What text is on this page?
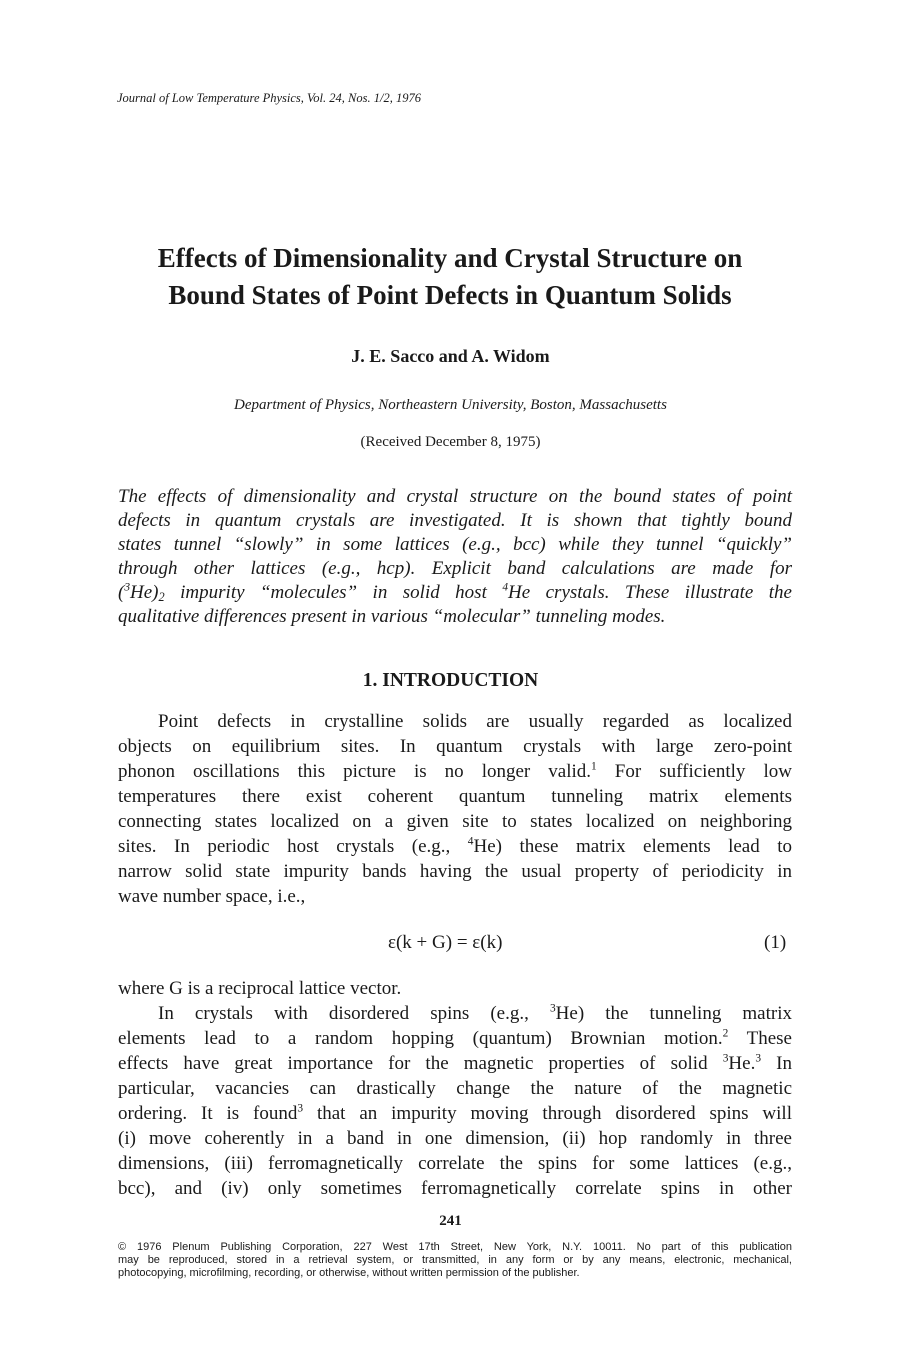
Journal of Low Temperature Physics, Vol. 24, Nos. 1/2, 1976
Effects of Dimensionality and Crystal Structure on
Bound States of Point Defects in Quantum Solids
J. E. Sacco and A. Widom
Department of Physics, Northeastern University, Boston, Massachusetts
(Received December 8, 1975)
The effects of dimensionality and crystal structure on the bound states of point
defects in quantum crystals are investigated. It is shown that tightly bound
states tunnel “slowly” in some lattices (e.g., bcc) while they tunnel “quickly”
through other lattices (e.g., hcp). Explicit band calculations are made for
$(^3He)_2$ impurity “molecules” in solid host $^4$He crystals. These illustrate the
qualitative differences present in various “molecular” tunneling modes.
1. INTRODUCTION
Point defects in crystalline solids are usually regarded as localized
objects on equilibrium sites. In quantum crystals with large zero-point
phonon oscillations this picture is no longer valid.$^1$ For sufficiently low
temperatures there exist coherent quantum tunneling matrix elements
connecting states localized on a given site to states localized on neighboring
sites. In periodic host crystals (e.g., $^4$He) these matrix elements lead to
narrow solid state impurity bands having the usual property of periodicity in
wave number space, i.e.,
ε(k + G) = ε(k)	(1)
where G is a reciprocal lattice vector.
In crystals with disordered spins (e.g., $^3$He) the tunneling matrix
elements lead to a random hopping (quantum) Brownian motion.$^2$ These
effects have great importance for the magnetic properties of solid $^3$He.$^3$ In
particular, vacancies can drastically change the nature of the magnetic
ordering. It is found$^3$ that an impurity moving through disordered spins will
(i) move coherently in a band in one dimension, (ii) hop randomly in three
dimensions, (iii) ferromagnetically correlate the spins for some lattices (e.g.,
bcc), and (iv) only sometimes ferromagnetically correlate spins in other
241
© 1976 Plenum Publishing Corporation, 227 West 17th Street, New York, N.Y. 10011. No part of this publication
may be reproduced, stored in a retrieval system, or transmitted, in any form or by any means, electronic, mechanical,
photocopying, microfilming, recording, or otherwise, without written permission of the publisher.
